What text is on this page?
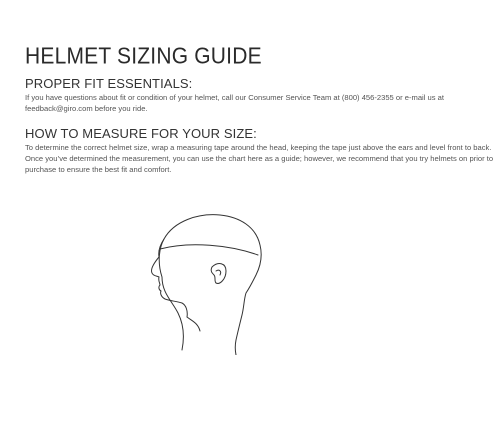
HELMET SIZING GUIDE
PROPER FIT ESSENTIALS:
If you have questions about fit or condition of your helmet, call our Consumer Service Team at (800) 456-2355 or e-mail us at feedback@giro.com before you ride.
HOW TO MEASURE FOR YOUR SIZE:
To determine the correct helmet size, wrap a measuring tape around the head, keeping the tape just above the ears and level front to back. Once you’ve determined the measurement, you can use the chart here as a guide; however, we recommend that you try helmets on prior to purchase to ensure the best fit and comfort.
